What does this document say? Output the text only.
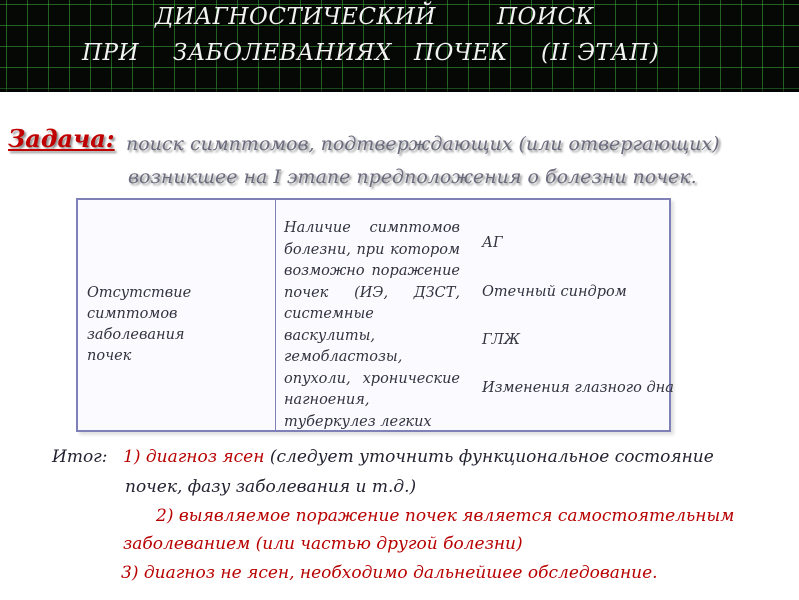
ДИАГНОСТИЧЕСКИЙ	ПОИСК
ПРИ ЗАБОЛЕВАНИЯХ ПОЧЕК (II ЭТАП)
Задача: поиск симптомов, подтверждающих (или отвергающих)
возникшее на I этапе предположения о болезни почек.
Отсутствие
симптомов заболевания
почек
Наличие симптомов болезни, при котором возможно поражение почек (ИЭ, ДЗСТ, системные васкулиты, гемобластозы, опухоли, хронические нагноения, туберкулез легких
АГ
Отечный синдром
ГЛЖ
Изменения глазного дна
Итог: 1) диагноз ясен (следует уточнить функциональное состояние
почек, фазу заболевания и т.д.)
2) выявляемое поражение почек является самостоятельным
заболеванием (или частью другой болезни)
3) диагноз не ясен, необходимо дальнейшее обследование.
